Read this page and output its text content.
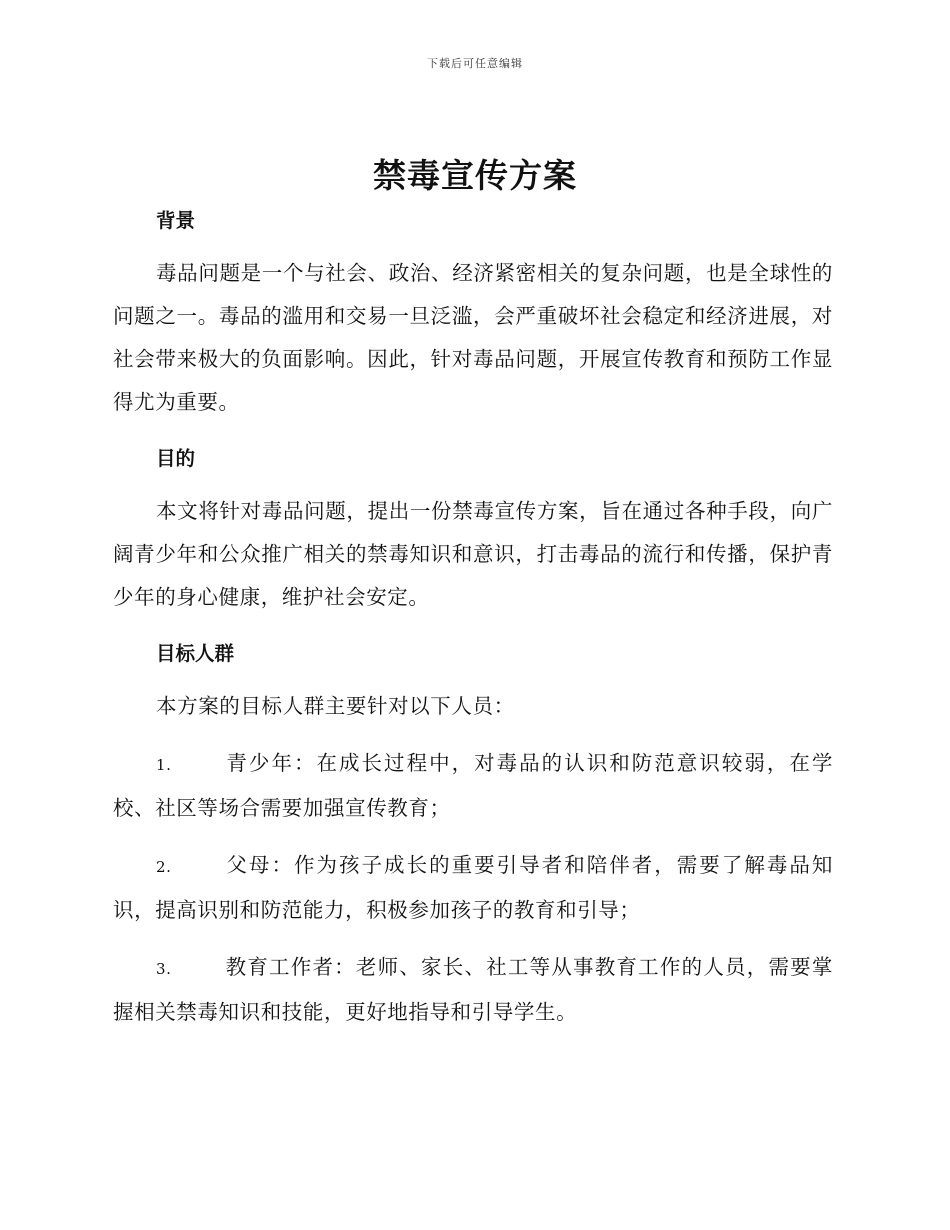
下载后可任意编辑
禁毒宣传方案
背景

毒品问题是一个与社会、政治、经济紧密相关的复杂问题，也是全球性的问题之一。毒品的滥用和交易一旦泛滥，会严重破坏社会稳定和经济进展，对社会带来极大的负面影响。因此，针对毒品问题，开展宣传教育和预防工作显得尤为重要。

目的

本文将针对毒品问题，提出一份禁毒宣传方案，旨在通过各种手段，向广阔青少年和公众推广相关的禁毒知识和意识，打击毒品的流行和传播，保护青少年的身心健康，维护社会安定。

目标人群

本方案的目标人群主要针对以下人员：

1.	青少年：在成长过程中，对毒品的认识和防范意识较弱，在学校、社区等场合需要加强宣传教育；

2.	父母：作为孩子成长的重要引导者和陪伴者，需要了解毒品知识，提高识别和防范能力，积极参加孩子的教育和引导；

3.	教育工作者：老师、家长、社工等从事教育工作的人员，需要掌握相关禁毒知识和技能，更好地指导和引导学生。
